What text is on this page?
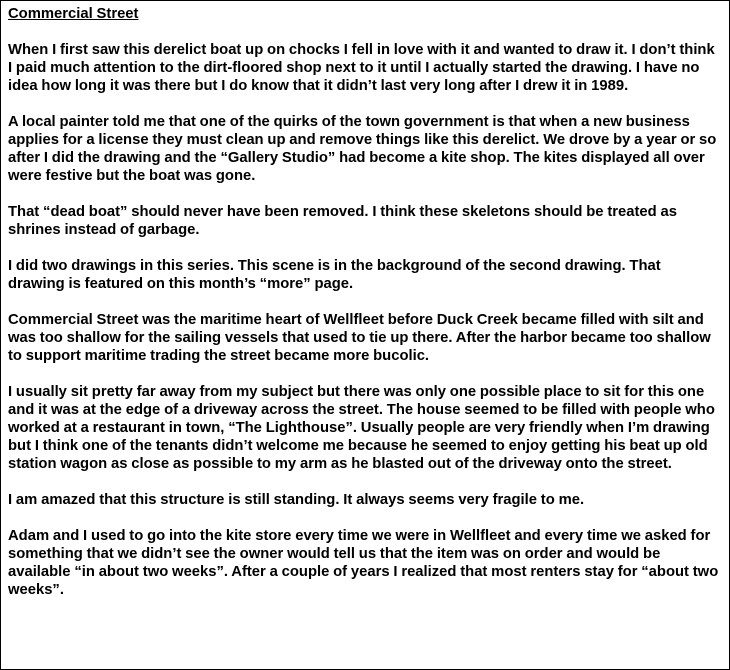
Commercial Street
When I first saw this derelict boat up on chocks I fell in love with it and wanted to draw it. I don’t think I paid much attention to the dirt-floored shop next to it until I actually started the drawing. I have no idea how long it was there but I do know that it didn’t last very long after I drew it in 1989.
A local painter told me that one of the quirks of the town government is that when a new business applies for a license they must clean up and remove things like this derelict. We drove by a year or so after I did the drawing and the “Gallery Studio” had become a kite shop. The kites displayed all over were festive but the boat was gone.
That “dead boat” should never have been removed. I think these skeletons should be treated as shrines instead of garbage.
I did two drawings in this series. This scene is in the background of the second drawing. That drawing is featured on this month’s “more” page.
Commercial Street was the maritime heart of Wellfleet before Duck Creek became filled with silt and was too shallow for the sailing vessels that used to tie up there. After the harbor became too shallow to support maritime trading the street became more bucolic.
I usually sit pretty far away from my subject but there was only one possible place to sit for this one and it was at the edge of a driveway across the street. The house seemed to be filled with people who worked at a restaurant in town, “The Lighthouse”. Usually people are very friendly when I’m drawing but I think one of the tenants didn’t welcome me because he seemed to enjoy getting his beat up old station wagon as close as possible to my arm as he blasted out of the driveway onto the street.
I am amazed that this structure is still standing. It always seems very fragile to me.
Adam and I used to go into the kite store every time we were in Wellfleet and every time we asked for something that we didn’t see the owner would tell us that the item was on order and would be available “in about two weeks”. After a couple of years I realized that most renters stay for “about two weeks”.
